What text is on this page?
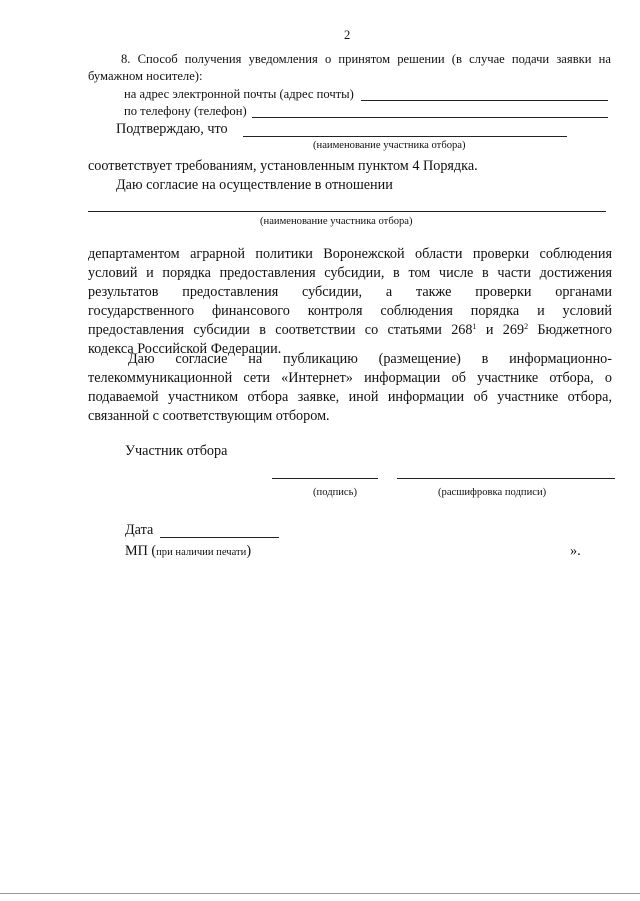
2
8. Способ получения уведомления о принятом решении (в случае подачи заявки на
бумажном носителе):
на адрес электронной почты (адрес почты)
по телефону (телефон)
Подтверждаю, что
(наименование участника отбора)
соответствует требованиям, установленным пунктом 4 Порядка.
Даю согласие на осуществление в отношении
(наименование участника отбора)
департаментом аграрной политики Воронежской области проверки соблюдения
условий и порядка предоставления субсидии, в том числе в части достижения
результатов предоставления субсидии, а также проверки органами
государственного финансового контроля соблюдения порядка и условий
предоставления субсидии в соответствии со статьями $268^1$ и $269^2$ Бюджетного
кодекса Российской Федерации.
Даю согласие на публикацию (размещение) в информационно-
телекоммуникационной сети «Интернет» информации об участнике отбора, о
подаваемой участником отбора заявке, иной информации об участнике отбора,
связанной с соответствующим отбором.
Участник отбора
(подпись)	(расшифровка подписи)
Дата
МП (при наличии печати)	».
